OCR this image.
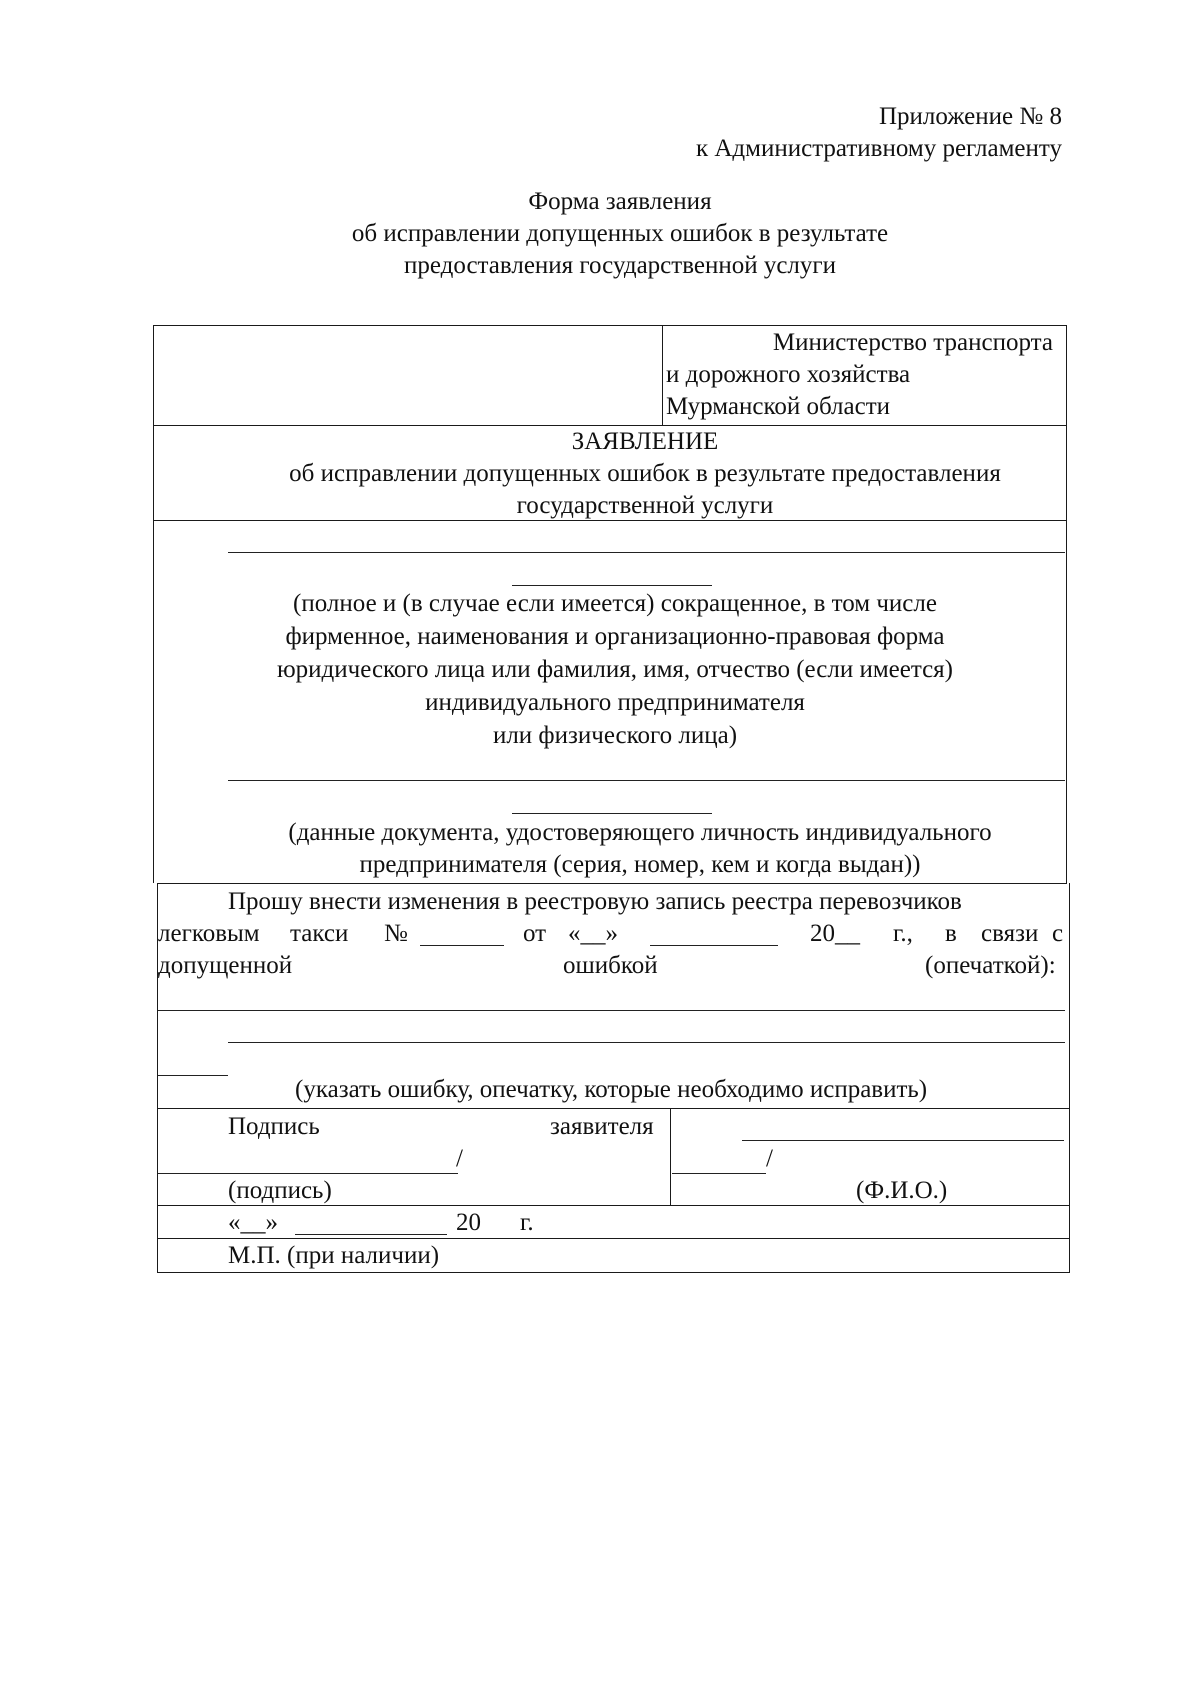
Приложение № 8
к Административному регламенту
Форма заявления
об исправлении допущенных ошибок в результате
предоставления государственной услуги
Министерство транспорта
и дорожного хозяйства
Мурманской области
ЗАЯВЛЕНИЕ
об исправлении допущенных ошибок в результате предоставления
государственной услуги
(полное и (в случае если имеется) сокращенное, в том числе
фирменное, наименования и организационно-правовая форма
юридического лица или фамилия, имя, отчество (если имеется)
индивидуального предпринимателя
или физического лица)
(данные документа, удостоверяющего личность индивидуального
предпринимателя (серия, номер, кем и когда выдан))
Прошу внести изменения в реестровую запись реестра перевозчиков
легковым такси №	от «__»	20__ г., в связи с
допущенной	ошибкой	(опечаткой):
(указать ошибку, опечатку, которые необходимо исправить)
Подпись	заявителя
/	/
(подпись)	(Ф.И.О.)
«__»	20 г.
М.П. (при наличии)
